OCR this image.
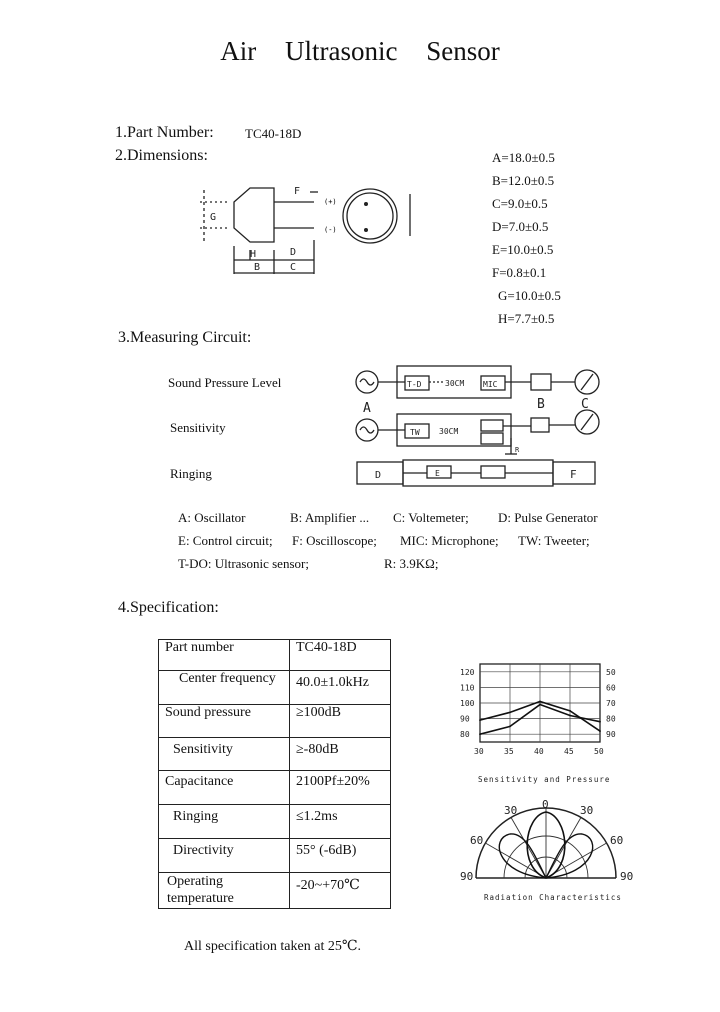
Air Ultrasonic Sensor
1.Part Number: TC40-18D
2.Dimensions:	A=18.0±0.5
B=12.0±0.5
C=9.0±0.5
D=7.0±0.5
E=10.0±0.5
F=0.8±0.1
G=10.0±0.5
H=7.7±0.5
(+)
(-)
F
G
H	D
B	C
3.Measuring Circuit:
Sound Pressure Level
Sensitivity
Ringing
A	B	C
T-D	MIC
30CM
TW 30CM
R
D	E	F
A: Oscillator	B: Amplifier ... C: Voltemeter; D: Pulse Generator
E: Control circuit; F: Oscilloscope; MIC: Microphone; TW: Tweeter;
T-DO: Ultrasonic sensor;	R: 3.9KΩ;
4.Specification:
Part number	TC40-18D
Center frequency	40.0±1.0kHz
Sound pressure	≥100dB
Sensitivity	≥-80dB
Capacitance	2100Pf±20%
Ringing	≤1.2ms
Directivity	55° (-6dB)
Operating temperature	-20~+70℃
30	35	40	45	50
120	50
110	60
100	70
90	80
80	90
Sensitivity and Pressure
90
60
30 0	30
60
90
Radiation Characteristics
All specification taken at 25℃.
